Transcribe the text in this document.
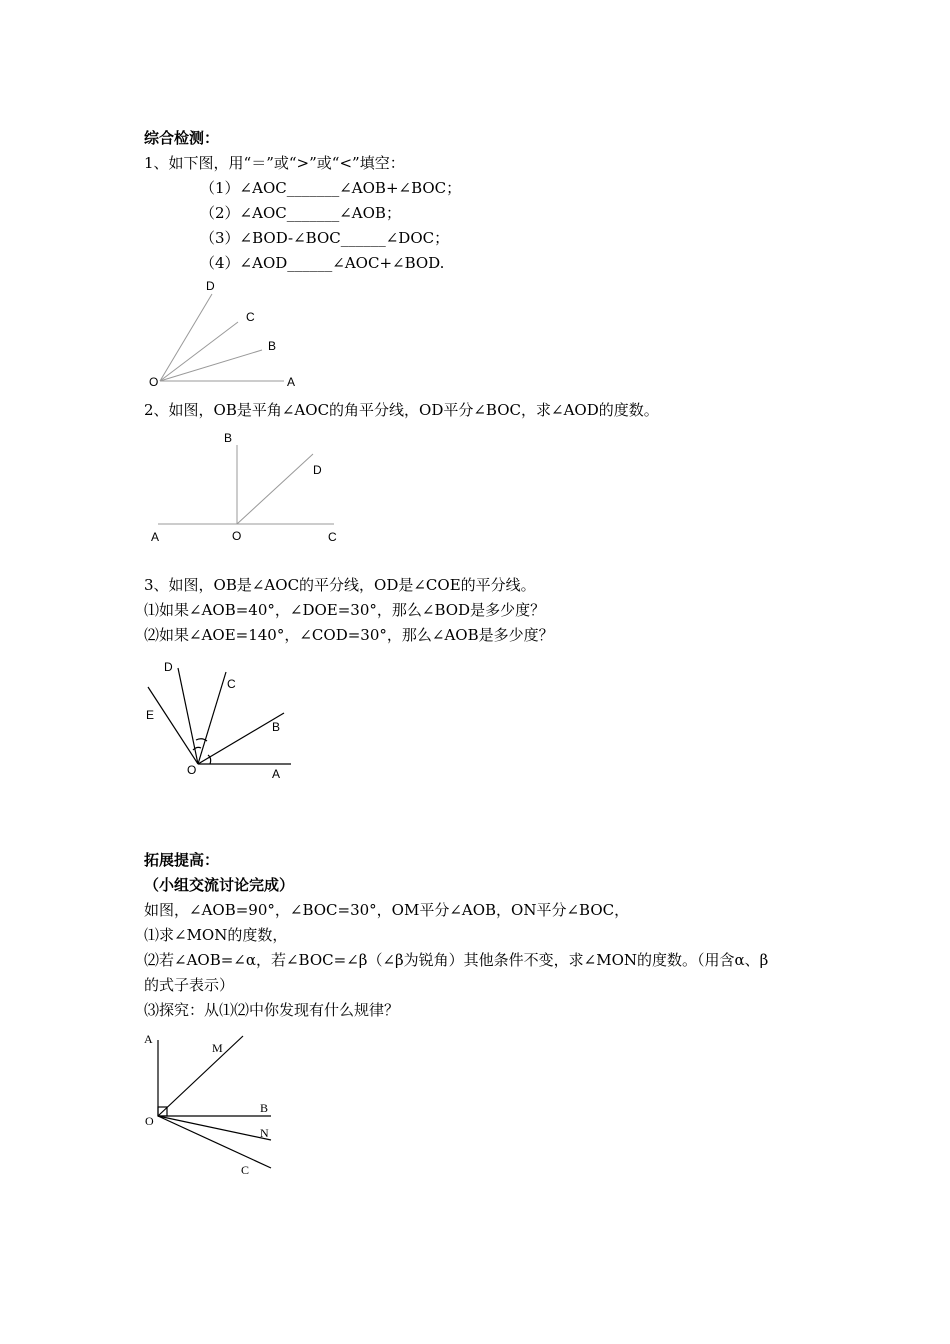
综合检测：
1、如下图，用“＝”或“>”或“<”填空：
（1）∠AOC_______∠AOB+∠BOC；
（2）∠AOC_______∠AOB；
（3）∠BOD-∠BOC______∠DOC；
（4）∠AOD______∠AOC+∠BOD.
D
C
B
O	A
2、如图，OB是平角∠AOC的角平分线，OD平分∠BOC，求∠AOD的度数。
B
D
A	O	C
3、如图，OB是∠AOC的平分线，OD是∠COE的平分线。
⑴如果∠AOB=40°，∠DOE=30°，那么∠BOD是多少度？
⑵如果∠AOE=140°，∠COD=30°，那么∠AOB是多少度？
D
C
E
B
O	A
拓展提高：
（小组交流讨论完成）
如图，∠AOB=90°，∠BOC=30°，OM平分∠AOB，ON平分∠BOC，
⑴求∠MON的度数，
⑵若∠AOB=∠α，若∠BOC=∠β（∠β为锐角）其他条件不变，求∠MON的度数。（用含α、β
的式子表示）
⑶探究：从⑴⑵中你发现有什么规律？
A
M
B
O
N
C
